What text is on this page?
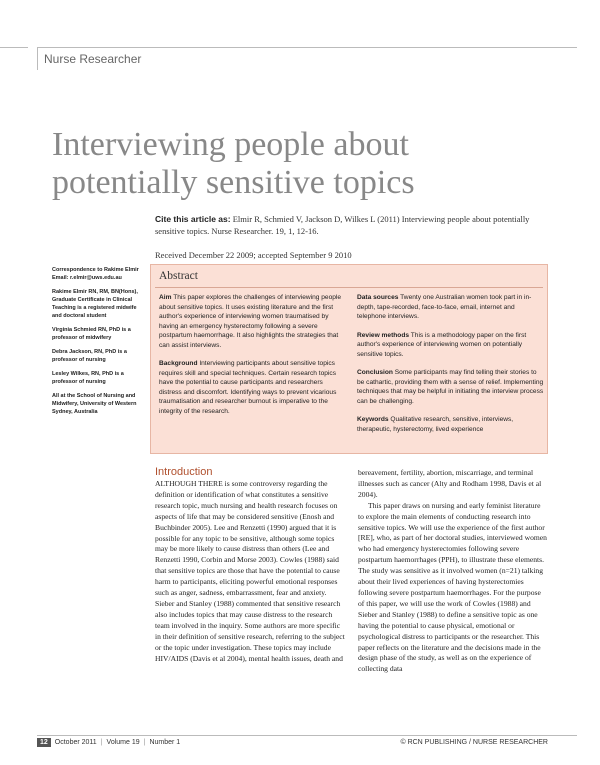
Nurse Researcher
Interviewing people about potentially sensitive topics
Cite this article as: Elmir R, Schmied V, Jackson D, Wilkes L (2011) Interviewing people about potentially sensitive topics. Nurse Researcher. 19, 1, 12-16.
Received December 22 2009; accepted September 9 2010
Correspondence to Rakime Elmir Email: r.elmir@uws.edu.au
Rakime Elmir RN, RM, BN(Hons), Graduate Certificate in Clinical Teaching is a registered midwife and doctoral student
Virginia Schmied RN, PhD is a professor of midwifery
Debra Jackson, RN, PhD is a professor of nursing
Lesley Wilkes, RN, PhD is a professor of nursing
All at the School of Nursing and Midwifery, University of Western Sydney, Australia
Abstract
Aim This paper explores the challenges of interviewing people about sensitive topics. It uses existing literature and the first author's experience of interviewing women traumatised by having an emergency hysterectomy following a severe postpartum haemorrhage. It also highlights the strategies that can assist interviews.
Background Interviewing participants about sensitive topics requires skill and special techniques. Certain research topics have the potential to cause participants and researchers distress and discomfort. Identifying ways to prevent vicarious traumatisation and researcher burnout is imperative to the integrity of the research.
Data sources Twenty one Australian women took part in in-depth, tape-recorded, face-to-face, email, internet and telephone interviews.
Review methods This is a methodology paper on the first author's experience of interviewing women on potentially sensitive topics.
Conclusion Some participants may find telling their stories to be cathartic, providing them with a sense of relief. Implementing techniques that may be helpful in initiating the interview process can be challenging.
Keywords Qualitative research, sensitive, interviews, therapeutic, hysterectomy, lived experience
Introduction

ALTHOUGH THERE is some controversy regarding the definition or identification of what constitutes a sensitive research topic, much nursing and health research focuses on aspects of life that may be considered sensitive (Enosh and Buchbinder 2005). Lee and Renzetti (1990) argued that it is possible for any topic to be sensitive, although some topics may be more likely to cause distress than others (Lee and Renzetti 1990, Corbin and Morse 2003). Cowles (1988) said that sensitive topics are those that have the potential to cause harm to participants, eliciting powerful emotional responses such as anger, sadness, embarrassment, fear and anxiety. Sieber and Stanley (1988) commented that sensitive research also includes topics that may cause distress to the research team involved in the inquiry. Some authors are more specific in their definition of sensitive research, referring to the subject or the topic under investigation. These topics may include HIV/AIDS (Davis et al 2004), mental health issues, death and

bereavement, fertility, abortion, miscarriage, and terminal illnesses such as cancer (Alty and Rodham 1998, Davis et al 2004).

This paper draws on nursing and early feminist literature to explore the main elements of conducting research into sensitive topics. We will use the experience of the first author [RE], who, as part of her doctoral studies, interviewed women who had emergency hysterectomies following severe postpartum haemorrhages (PPH), to illustrate these elements. The study was sensitive as it involved women (n=21) talking about their lived experiences of having hysterectomies following severe postpartum haemorrhages. For the purpose of this paper, we will use the work of Cowles (1988) and Sieber and Stanley (1988) to define a sensitive topic as one having the potential to cause physical, emotional or psychological distress to participants or the researcher. This paper reflects on the literature and the decisions made in the design phase of the study, as well as on the experience of collecting data

12	October 2011 | Volume 19 | Number 1	© RCN PUBLISHING / NURSE RESEARCHER
